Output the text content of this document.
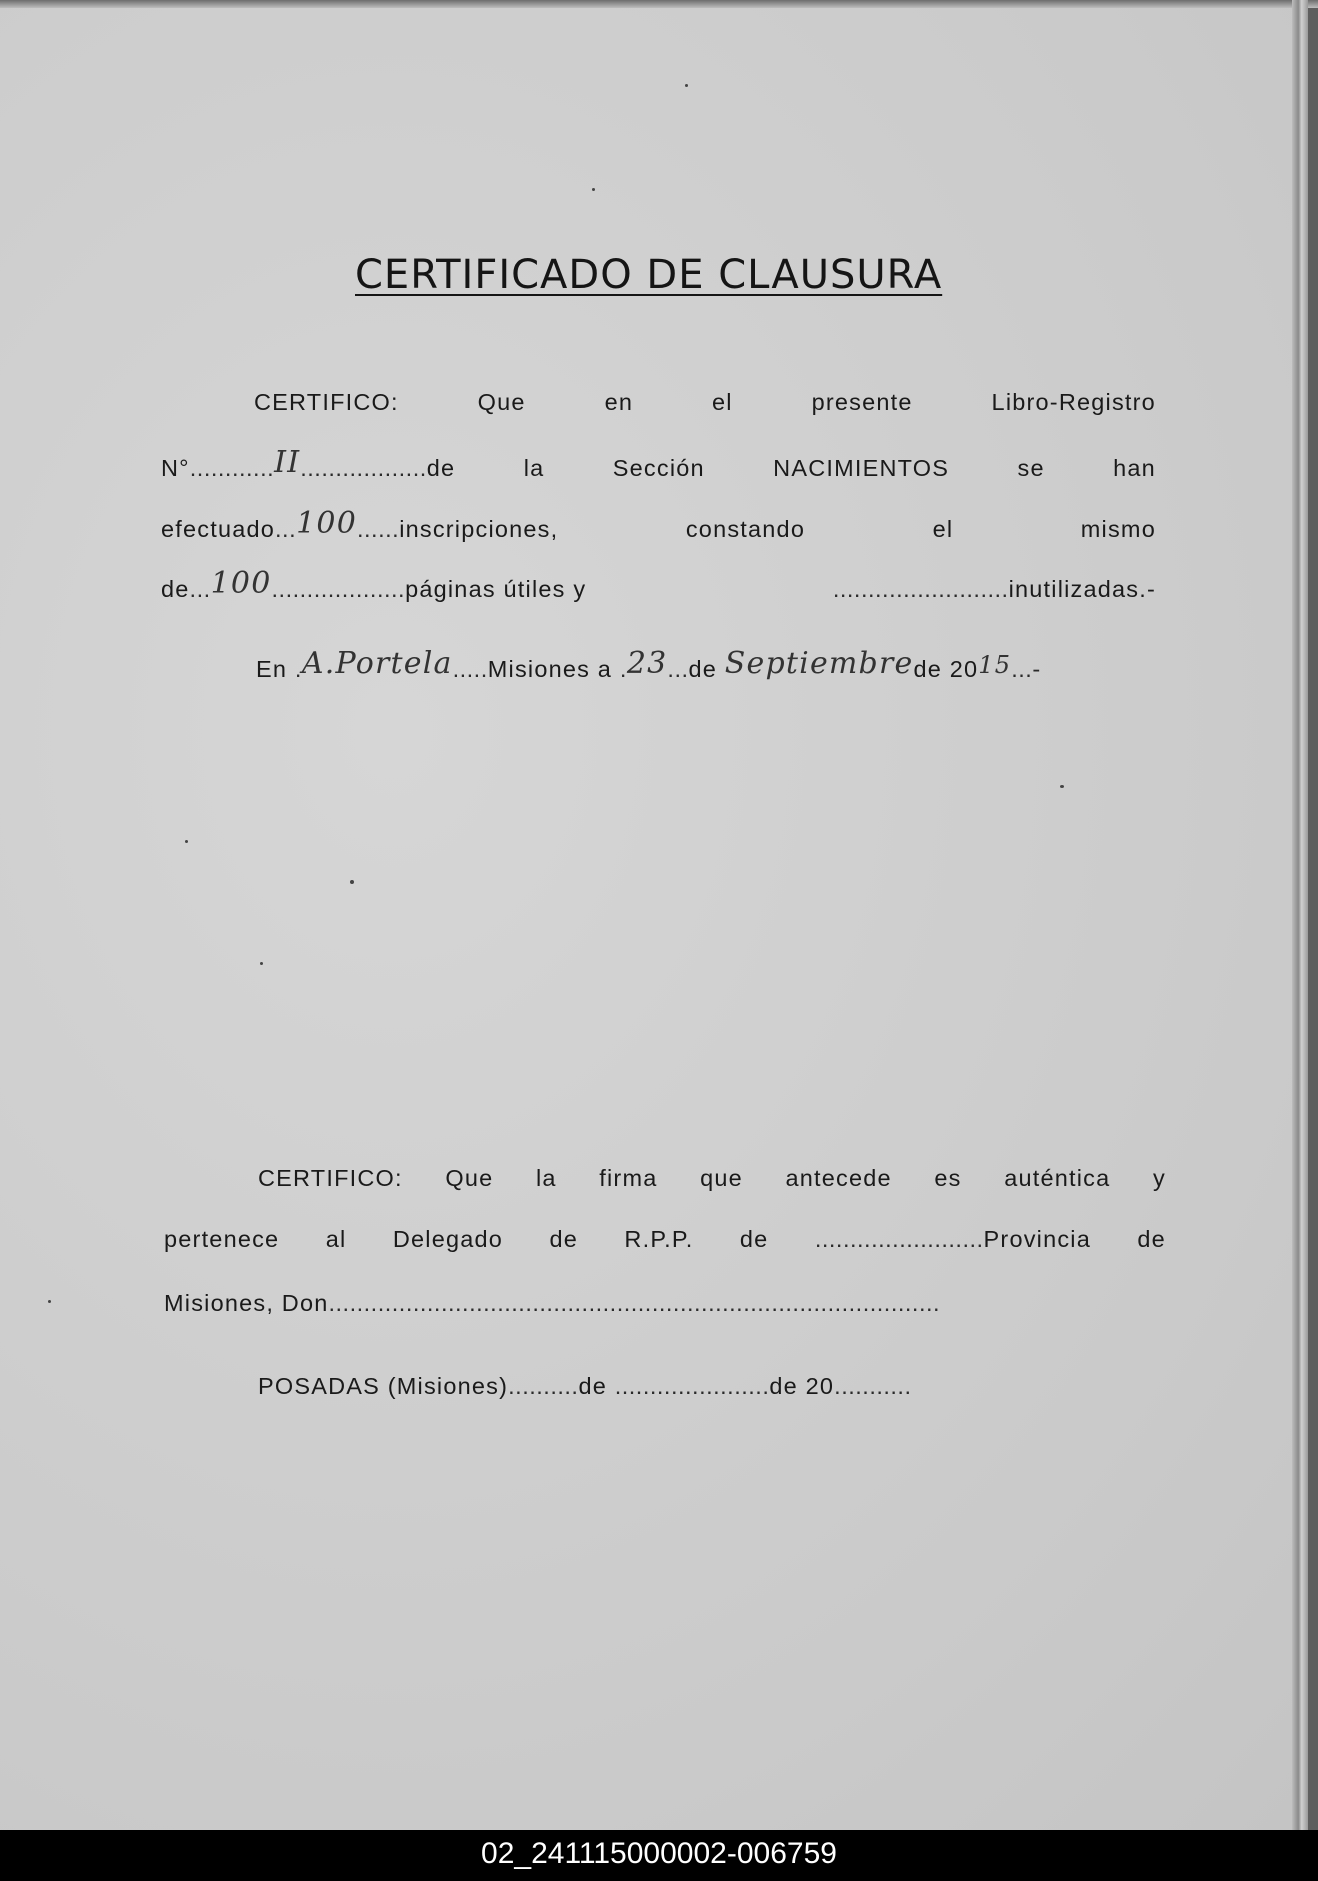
CERTIFICADO DE CLAUSURA
CERTIFICO:	Que	en	el	presente	Libro-Registro
N°............II..................de	la	Sección	NACIMIENTOS	se	han
efectuado...100......inscripciones,	constando	el	mismo
de...100...................páginas útiles y	.........................inutilizadas.-
En .A.Portela.....Misiones a .23...de Septiembrede 2015...-
CERTIFICO: Que la firma que antecede es auténtica y
pertenece al Delegado de R.P.P. de ........................Provincia de
Misiones, Don.......................................................................................
POSADAS (Misiones)..........de ......................de 20...........
02_241115000002-006759
